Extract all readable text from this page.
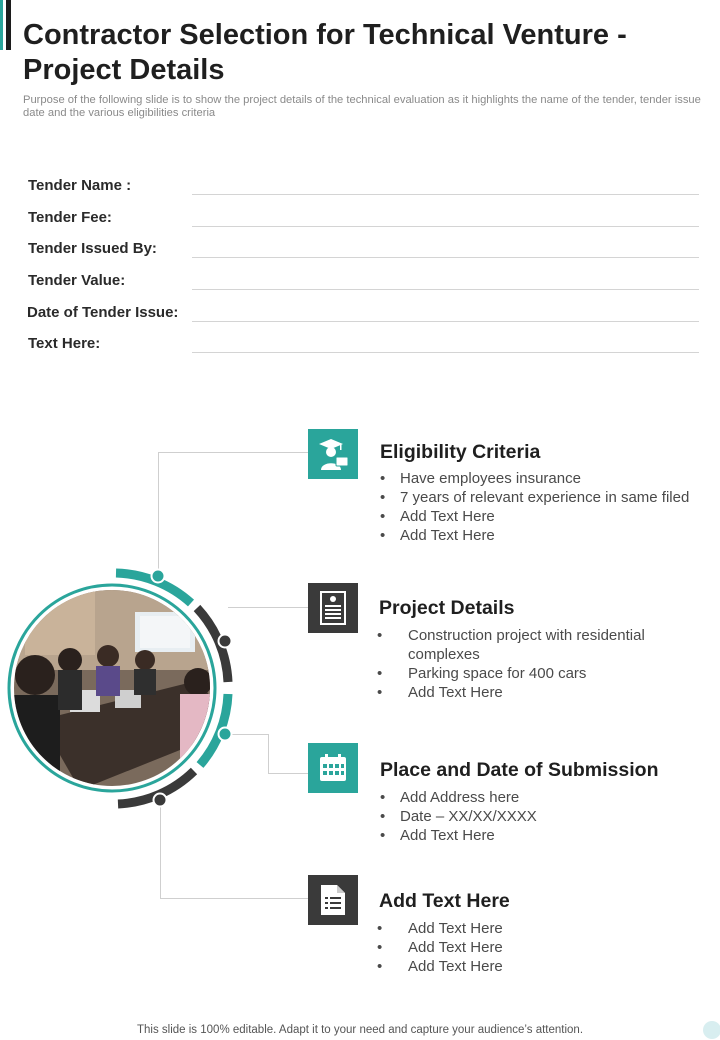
Contractor Selection for Technical Venture - Project Details
Purpose of the following slide is to show the project details of the technical evaluation as it highlights the name of the tender, tender issue date and the various eligibilities criteria
Tender Name :
Tender Fee:
Tender Issued By:
Tender Value:
Date of Tender Issue:
Text Here:
Eligibility Criteria
• Have employees insurance
• 7 years of relevant experience in same filed
• Add Text Here
• Add Text Here
Project Details
• Construction project with residential complexes
• Parking space for 400 cars
• Add Text Here
Place and Date of Submission
• Add Address here
• Date – XX/XX/XXXX
• Add Text Here
Add Text Here
• Add Text Here
• Add Text Here
• Add Text Here
This slide is 100% editable. Adapt it to your need and capture your audience’s attention.
